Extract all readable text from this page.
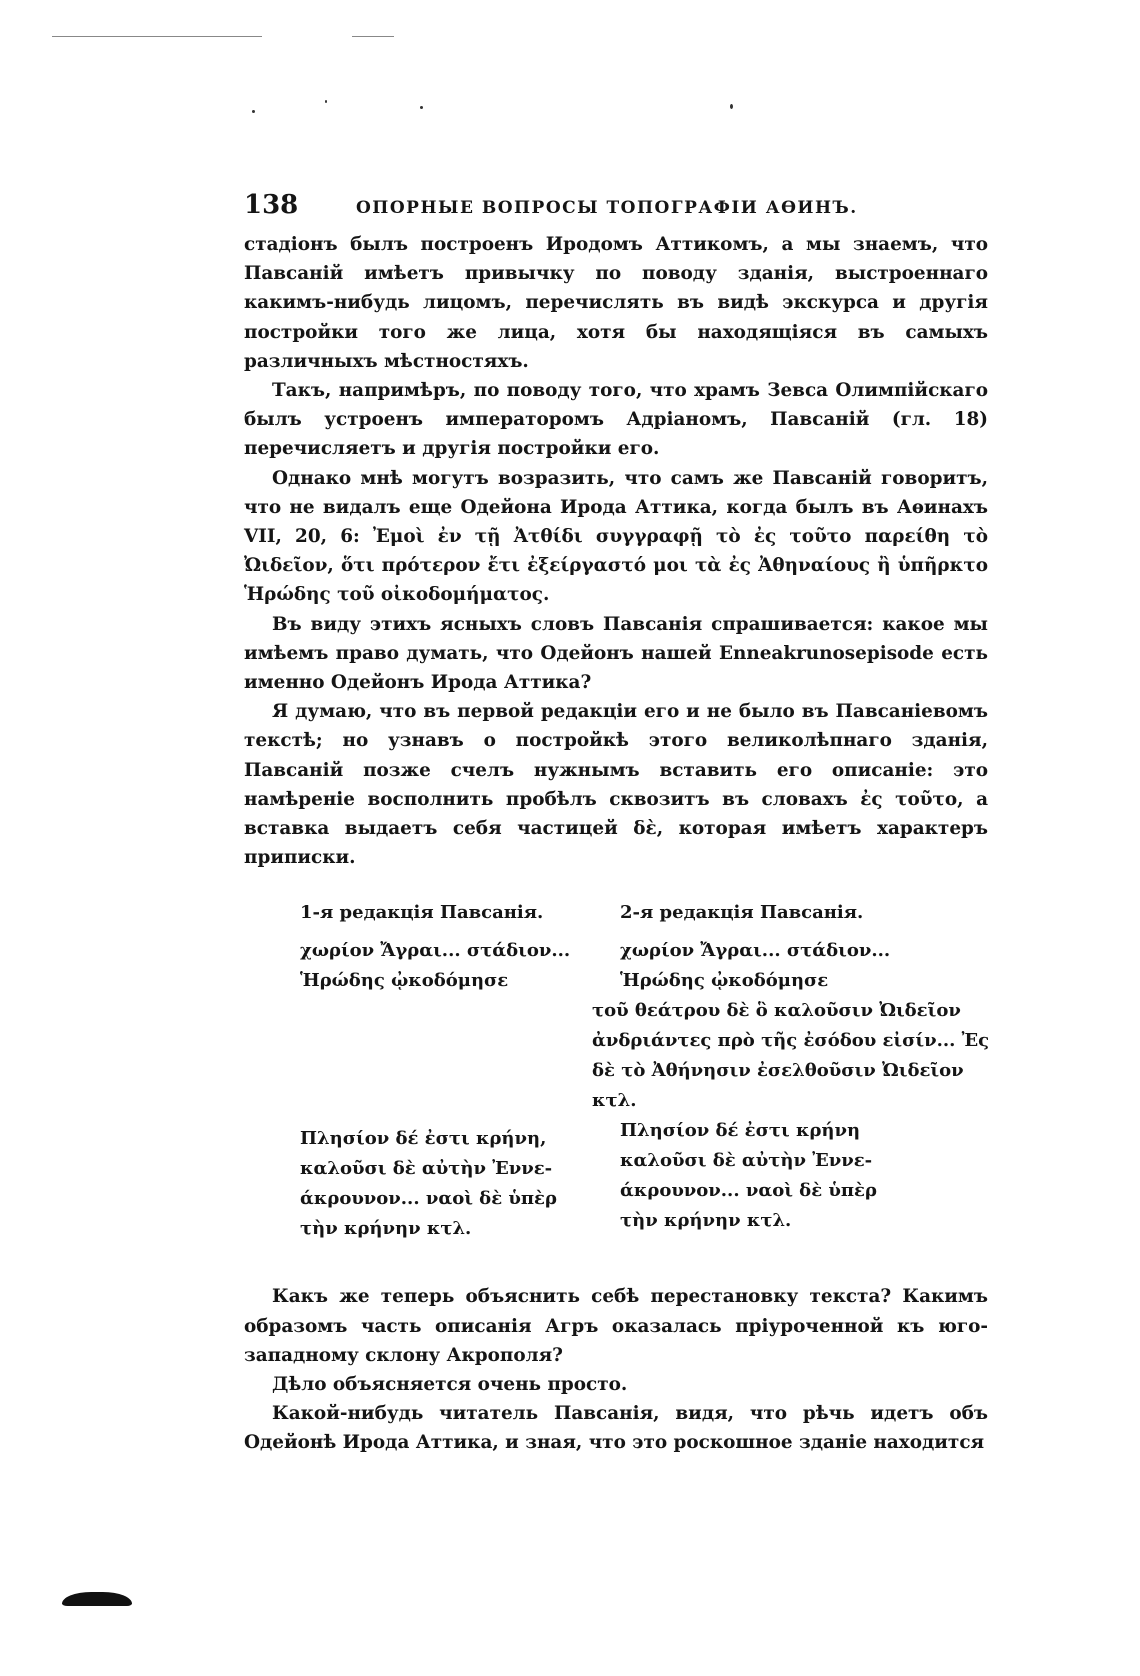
138	ОПОРНЫЕ ВОПРОСЫ ТОПОГРАФІИ АѲИНЪ.

стадіонъ былъ построенъ Иродомъ Аттикомъ, а мы знаемъ, что Павсаній имѣетъ привычку по поводу зданія, выстроеннаго какимъ-нибудь лицомъ, перечислять въ видѣ экскурса и другія постройки того же лица, хотя бы находящіяся въ самыхъ различныхъ мѣстностяхъ.

Такъ, напримѣръ, по поводу того, что храмъ Зевса Олимпійскаго былъ устроенъ императоромъ Адріаномъ, Павсаній (гл. 18) перечисляетъ и другія постройки его.

Однако мнѣ могутъ возразить, что самъ же Павсаній говоритъ, что не видалъ еще Одейона Ирода Аттика, когда былъ въ Аѳинахъ VII, 20, 6: Ἐμοὶ ἐν τῇ Ἀτθίδι συγγραφῇ τὸ ἐς τοῦτο παρείθη τὸ Ὠιδεῖον, ὅτι πρότερον ἔτι ἐξείργαστό μοι τὰ ἐς Ἀθηναίους ἢ ὑπῆρκτο Ἡρώδης τοῦ οἰκοδομήματος.

Въ виду этихъ ясныхъ словъ Павсанія спрашивается: какое мы имѣемъ право думать, что Одейонъ нашей Enneakrunosepisode есть именно Одейонъ Ирода Аттика?

Я думаю, что въ первой редакціи его и не было въ Павсаніевомъ текстѣ; но узнавъ о постройкѣ этого великолѣпнаго зданія, Павсаній позже счелъ нужнымъ вставить его описаніе: это намѣреніе восполнить пробѣлъ сквозитъ въ словахъ ἐς τοῦτο, а вставка выдаетъ себя частицей δὲ, которая имѣетъ характеръ приписки.

1-я редакція Павсанія.
χωρίον Ἄγραι... στάδιον...
Ἡρώδης ᾠκοδόμησε
Πλησίον δέ ἐστι κρήνη,
καλοῦσι δὲ αὐτὴν Ἐννε-
άκρουνον... ναοὶ δὲ ὑπὲρ
τὴν κρήνην κτλ.
2-я редакція Павсанія.
χωρίον Ἄγραι... στάδιον...
Ἡρώδης ᾠκοδόμησε
τοῦ θεάτρου δὲ ὃ καλοῦσιν Ὠιδεῖον
ἀνδριάντες πρὸ τῆς ἐσόδου εἰσίν... Ἐς
δὲ τὸ Ἀθήνησιν ἐσελθοῦσιν Ὠιδεῖον
κτλ.
Πλησίον δέ ἐστι κρήνη
καλοῦσι δὲ αὐτὴν Ἐννε-
άκρουνον... ναοὶ δὲ ὑπὲρ
τὴν κρήνην κτλ.

Какъ же теперь объяснить себѣ перестановку текста? Какимъ образомъ часть описанія Агръ оказалась пріуроченной къ юго-западному склону Акрополя?

Дѣло объясняется очень просто.

Какой-нибудь читатель Павсанія, видя, что рѣчь идетъ объ Одейонѣ Ирода Аттика, и зная, что это роскошное зданіе находится
